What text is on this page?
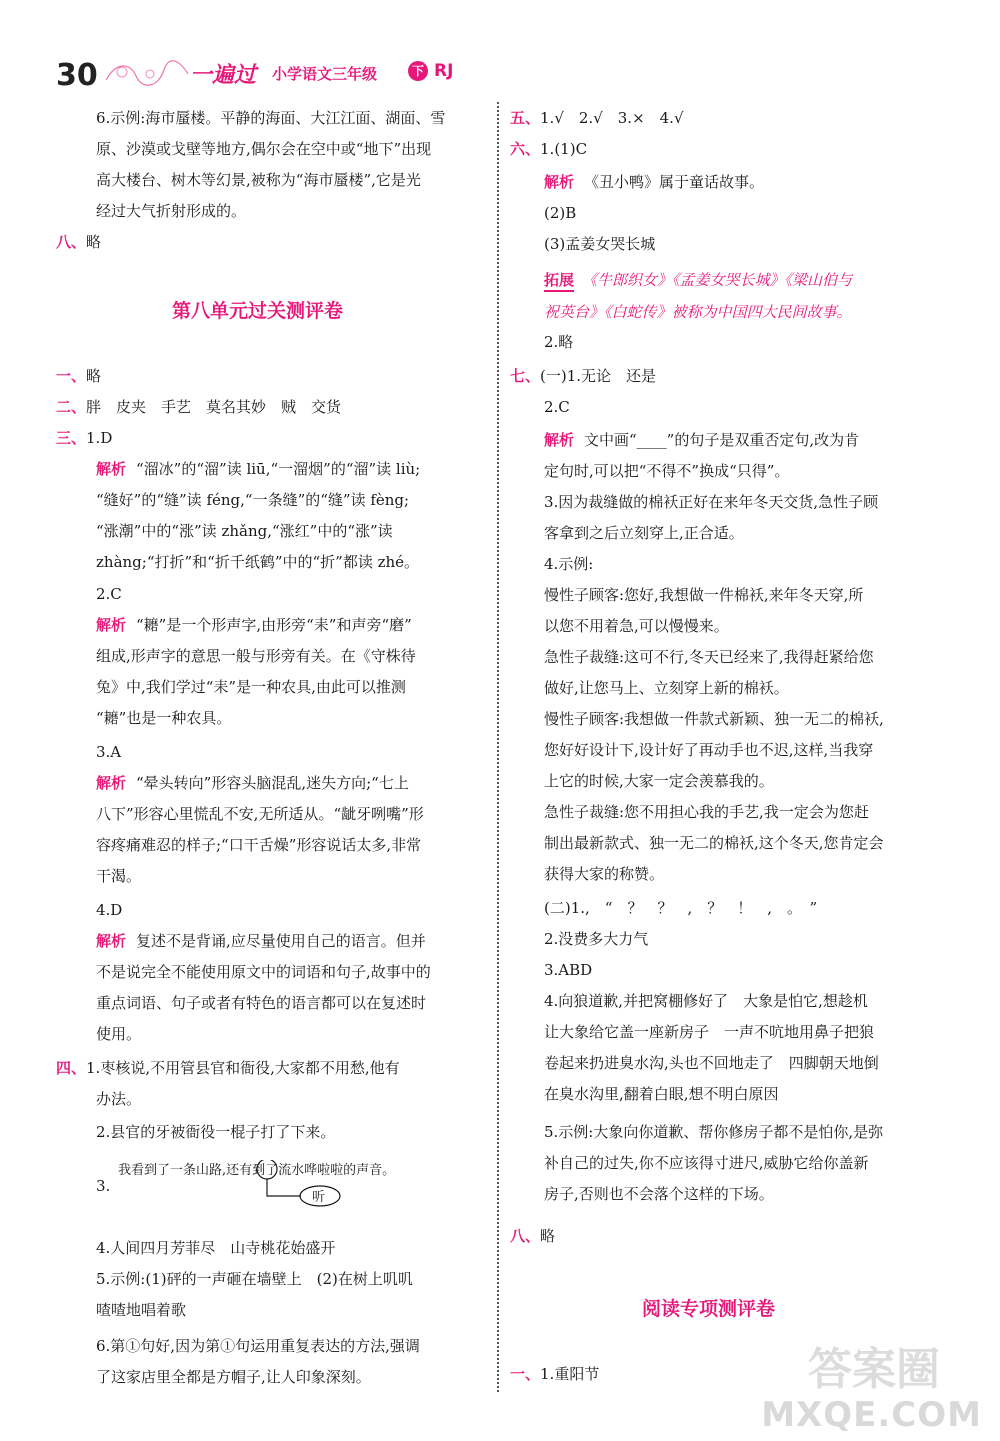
30	一遍过 小学语文三年级	下 RJ
6.示例:海市蜃楼。平静的海面、大江江面、湖面、雪
原、沙漠或戈壁等地方,偶尔会在空中或“地下”出现
高大楼台、树木等幻景,被称为“海市蜃楼”,它是光
经过大气折射形成的。
八、略
第八单元过关测评卷
一、略
二、胖　皮夹　手艺　莫名其妙　贼　交货
三、1.D
解析 “溜冰”的“溜”读 liū,“一溜烟”的“溜”读 liù;
“缝好”的“缝”读 féng,“一条缝”的“缝”读 fèng;
“涨潮”中的“涨”读 zhǎng,“涨红”中的“涨”读
zhàng;“打折”和“折千纸鹤”中的“折”都读 zhé。
2.C
解析 “耱”是一个形声字,由形旁“耒”和声旁“磨”
组成,形声字的意思一般与形旁有关。在《守株待
兔》中,我们学过“耒”是一种农具,由此可以推测
“耱”也是一种农具。
3.A
解析 “晕头转向”形容头脑混乱,迷失方向;“七上
八下”形容心里慌乱不安,无所适从。“龇牙咧嘴”形
容疼痛难忍的样子;“口干舌燥”形容说话太多,非常
干渴。
4.D
解析 复述不是背诵,应尽量使用自己的语言。但并
不是说完全不能使用原文中的词语和句子,故事中的
重点词语、句子或者有特色的语言都可以在复述时
使用。
四、1.枣核说,不用管县官和衙役,大家都不用愁,他有
办法。
2.县官的牙被衙役一棍子打了下来。
3.
我看到了一条山路,还有到了流水哗啦啦的声音。
听
4.人间四月芳菲尽　山寺桃花始盛开
5.示例:(1)砰的一声砸在墙壁上　(2)在树上叽叽
喳喳地唱着歌
6.第①句好,因为第①句运用重复表达的方法,强调
了这家店里全都是方帽子,让人印象深刻。
五、1.√　2.√　3.×　4.√
六、1.(1)C
解析 《丑小鸭》属于童话故事。
(2)B
(3)孟姜女哭长城
拓展 《牛郎织女》《孟姜女哭长城》《梁山伯与
祝英台》《白蛇传》被称为中国四大民间故事。
2.略
七、(一)1.无论　还是
2.C
解析 文中画“____”的句子是双重否定句,改为肯
定句时,可以把“不得不”换成“只得”。
3.因为裁缝做的棉袄正好在来年冬天交货,急性子顾
客拿到之后立刻穿上,正合适。
4.示例:
慢性子顾客:您好,我想做一件棉袄,来年冬天穿,所
以您不用着急,可以慢慢来。
急性子裁缝:这可不行,冬天已经来了,我得赶紧给您
做好,让您马上、立刻穿上新的棉袄。
慢性子顾客:我想做一件款式新颖、独一无二的棉袄,
您好好设计下,设计好了再动手也不迟,这样,当我穿
上它的时候,大家一定会羡慕我的。
急性子裁缝:您不用担心我的手艺,我一定会为您赶
制出最新款式、独一无二的棉袄,这个冬天,您肯定会
获得大家的称赞。
(二)1.,　“　？　？　,　？　！　,　。　”
2.没费多大力气
3.ABD
4.向狼道歉,并把窝棚修好了　大象是怕它,想趁机
让大象给它盖一座新房子　一声不吭地用鼻子把狼
卷起来扔进臭水沟,头也不回地走了　四脚朝天地倒
在臭水沟里,翻着白眼,想不明白原因
5.示例:大象向你道歉、帮你修房子都不是怕你,是弥
补自己的过失,你不应该得寸进尺,威胁它给你盖新
房子,否则也不会落个这样的下场。
八、略
阅读专项测评卷
一、1.重阳节	答案圈
MXQE.COM
